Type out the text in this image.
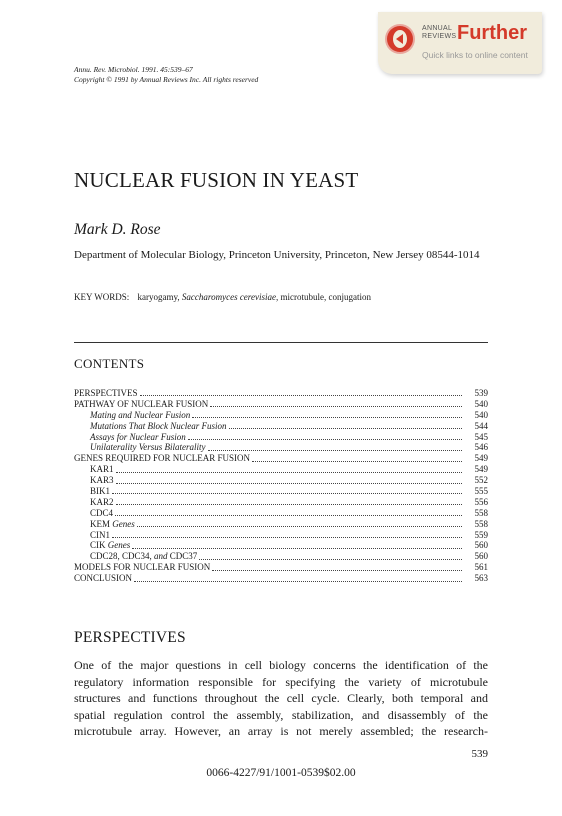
ANNUAL
REVIEWS Further
Quick links to online content
Annu. Rev. Microbiol. 1991. 45:539–67
Copyright © 1991 by Annual Reviews Inc. All rights reserved
NUCLEAR FUSION IN YEAST
Mark D. Rose
Department of Molecular Biology, Princeton University, Princeton, New Jersey 08544-1014
KEY WORDS: karyogamy, Saccharomyces cerevisiae, microtubule, conjugation
CONTENTS
PERSPECTIVES	539
PATHWAY OF NUCLEAR FUSION	540
Mating and Nuclear Fusion	540
Mutations That Block Nuclear Fusion	544
Assays for Nuclear Fusion	545
Unilaterality Versus Bilaterality	546
GENES REQUIRED FOR NUCLEAR FUSION	549
KAR1	549
KAR3	552
BIK1	555
KAR2	556
CDC4	558
KEM Genes	558
CIN1	559
CIK Genes	560
CDC28, CDC34, and CDC37	560
MODELS FOR NUCLEAR FUSION	561
CONCLUSION	563
PERSPECTIVES
One of the major questions in cell biology concerns the identification of the
regulatory information responsible for specifying the variety of microtubule
structures and functions throughout the cell cycle. Clearly, both temporal and
spatial regulation control the assembly, stabilization, and disassembly of the
microtubule array. However, an array is not merely assembled; the research-
539
0066-4227/91/1001-0539$02.00
